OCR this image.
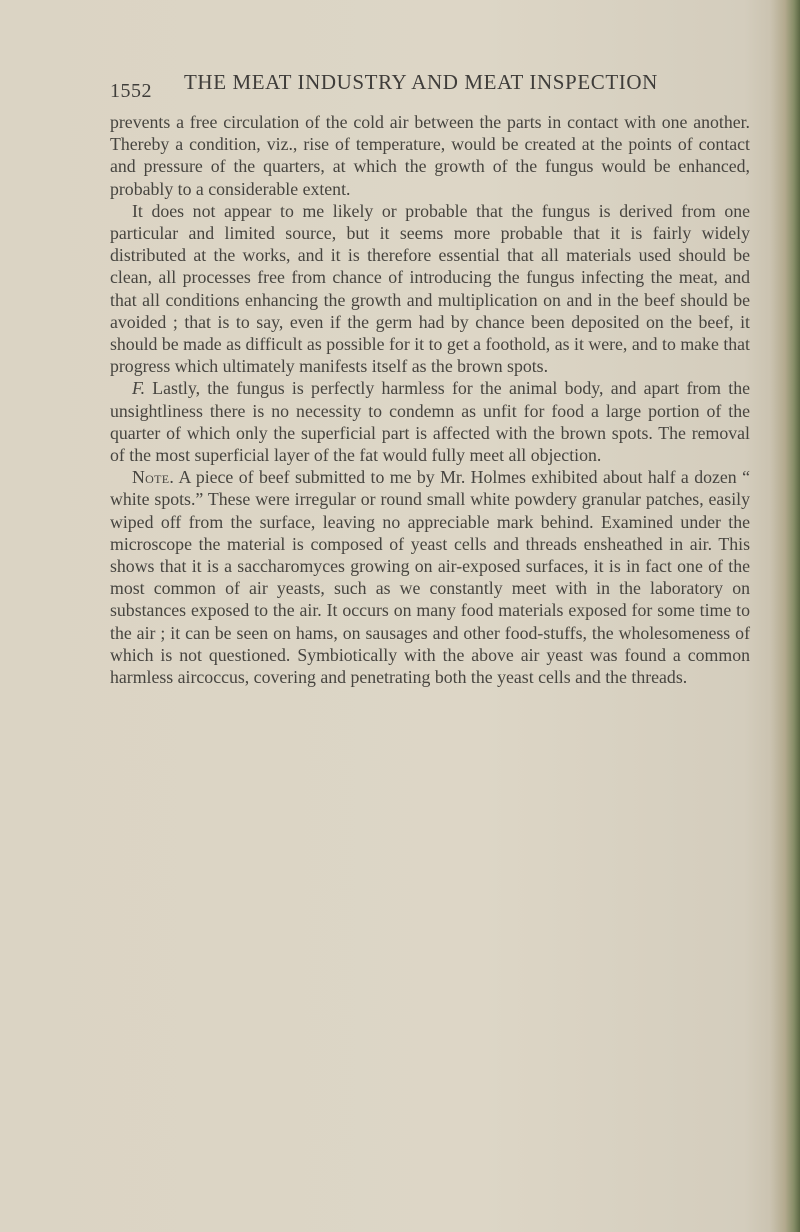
1552 THE MEAT INDUSTRY AND MEAT INSPECTION

prevents a free circulation of the cold air between the parts in contact with one another. Thereby a condition, viz., rise of temperature, would be created at the points of contact and pressure of the quarters, at which the growth of the fungus would be enhanced, probably to a considerable extent.

It does not appear to me likely or probable that the fungus is derived from one particular and limited source, but it seems more probable that it is fairly widely distributed at the works, and it is therefore essential that all materials used should be clean, all processes free from chance of introducing the fungus infecting the meat, and that all conditions enhancing the growth and multiplication on and in the beef should be avoided ; that is to say, even if the germ had by chance been deposited on the beef, it should be made as difficult as possible for it to get a foothold, as it were, and to make that progress which ultimately manifests itself as the brown spots.

F. Lastly, the fungus is perfectly harmless for the animal body, and apart from the unsightliness there is no necessity to condemn as unfit for food a large portion of the quarter of which only the superficial part is affected with the brown spots. The removal of the most superficial layer of the fat would fully meet all objection.

Note. A piece of beef submitted to me by Mr. Holmes exhibited about half a dozen “ white spots.” These were irregular or round small white powdery granular patches, easily wiped off from the surface, leaving no appreciable mark behind. Examined under the microscope the material is composed of yeast cells and threads ensheathed in air. This shows that it is a saccharomyces growing on air-exposed surfaces, it is in fact one of the most common of air yeasts, such as we constantly meet with in the laboratory on substances exposed to the air. It occurs on many food materials exposed for some time to the air ; it can be seen on hams, on sausages and other food-stuffs, the wholesomeness of which is not questioned. Symbiotically with the above air yeast was found a common harmless aircoccus, covering and penetrating both the yeast cells and the threads.
